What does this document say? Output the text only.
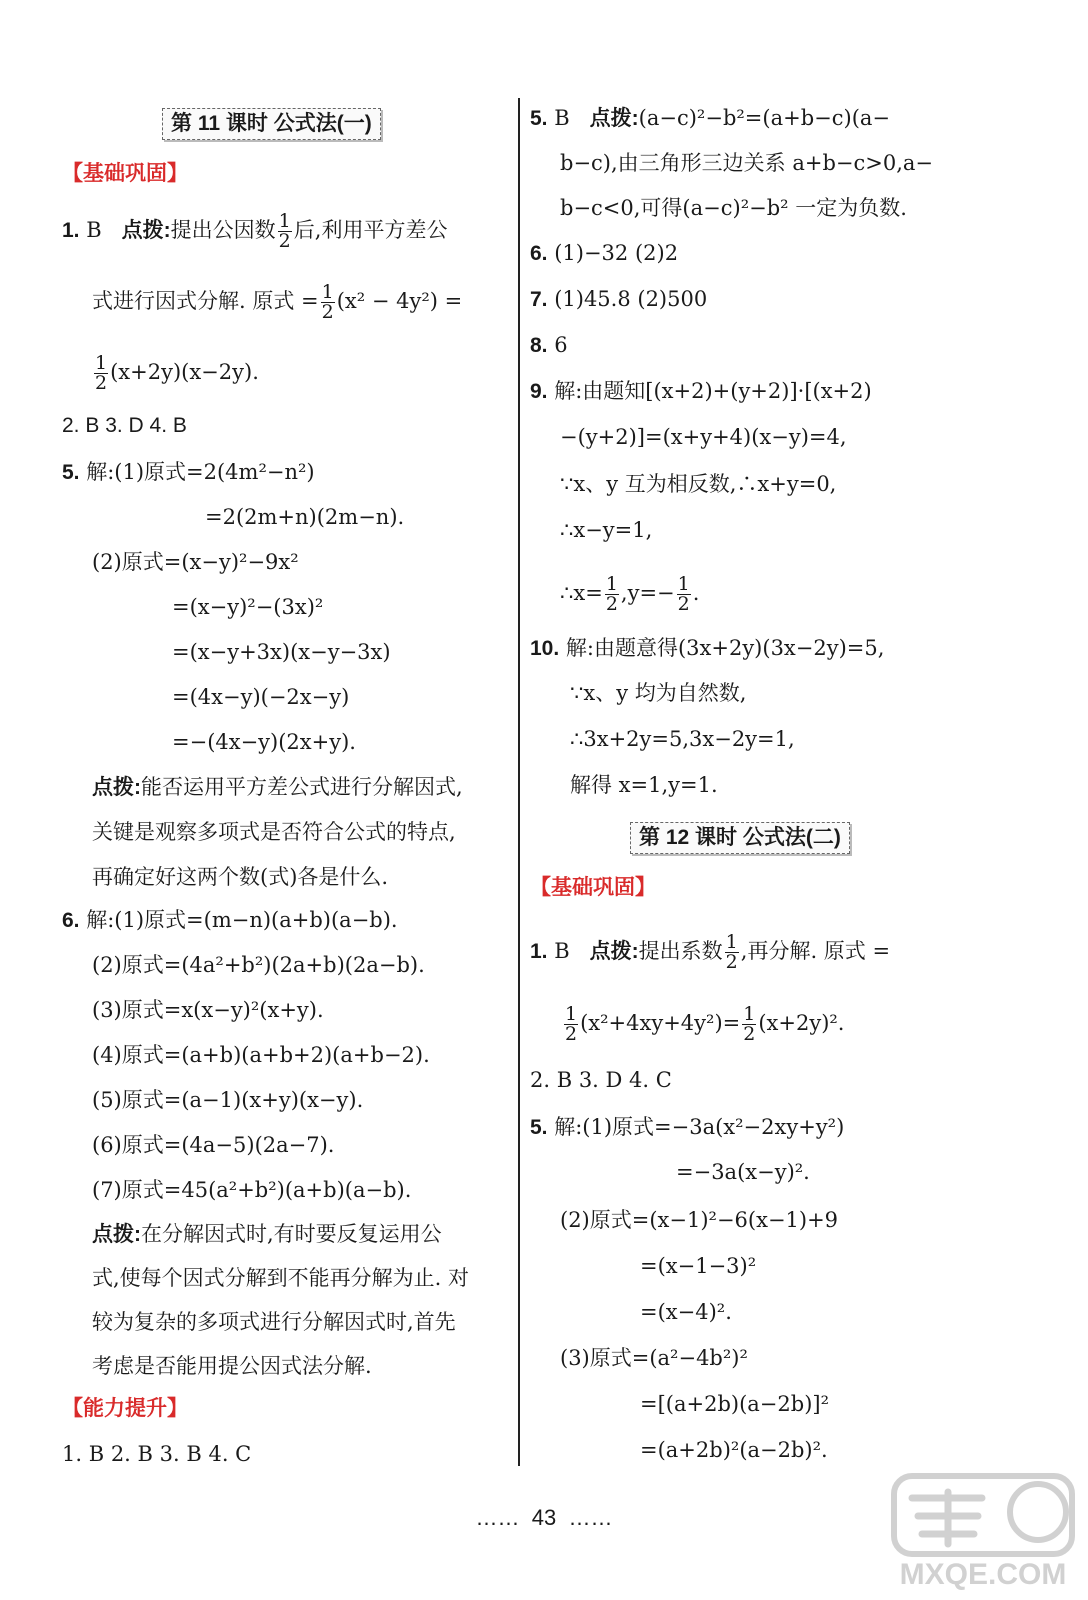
第 11 课时 公式法(一)
【基础巩固】
1. B 点拨:提出公因数 $\frac{1}{2}$ 后,利用平方差公
式进行因式分解. 原式 = $\frac{1}{2} (x^2 - 4y^2)$ =
$\frac{1}{2} (x+2y)(x-2y)$.
2. B 3. D 4. B
5. 解:(1)原式=2(4m²−n²)
=2(2m+n)(2m−n).
(2)原式=(x−y)²−9x²
=(x−y)²−(3x)²
=(x−y+3x)(x−y−3x)
=(4x−y)(−2x−y)
=−(4x−y)(2x+y).
点拨:能否运用平方差公式进行分解因式,
关键是观察多项式是否符合公式的特点,
再确定好这两个数(式)各是什么.
6. 解:(1)原式=(m−n)(a+b)(a−b).
(2)原式=(4a²+b²)(2a+b)(2a−b).
(3)原式=x(x−y)²(x+y).
(4)原式=(a+b)(a+b+2)(a+b−2).
(5)原式=(a−1)(x+y)(x−y).
(6)原式=(4a−5)(2a−7).
(7)原式=45(a²+b²)(a+b)(a−b).
点拨:在分解因式时,有时要反复运用公
式,使每个因式分解到不能再分解为止. 对
较为复杂的多项式进行分解因式时,首先
考虑是否能用提公因式法分解.
【能力提升】
1. B 2. B 3. B 4. C
5. B 点拨:(a−c)²−b²=(a+b−c)(a−
b−c),由三角形三边关系 a+b−c>0,a−
b−c<0,可得(a−c)²−b² 一定为负数.
6. (1)−32 (2)2
7. (1)45.8 (2)500
8. 6
9. 解:由题知[(x+2)+(y+2)]·[(x+2)
−(y+2)]=(x+y+4)(x−y)=4,
∵x、y 互为相反数,∴x+y=0,
∴x−y=1,
∴x= $\frac{1}{2} ,y=- \frac{1}{2}$ .
10. 解:由题意得(3x+2y)(3x−2y)=5,
∵x、y 均为自然数,
∴3x+2y=5,3x−2y=1,
解得 x=1,y=1.
第 12 课时 公式法(二)
【基础巩固】
1. B 点拨:提出系数 $\frac{1}{2}$ ,再分解. 原式 =
$\frac{1}{2} (x^2+4xy+4y^2)= \frac{1}{2} (x+2y)^2$.
2. B 3. D 4. C
5. 解:(1)原式=−3a(x²−2xy+y²)
=−3a(x−y)².
(2)原式=(x−1)²−6(x−1)+9
=(x−1−3)²
=(x−4)².
(3)原式=(a²−4b²)²
=[(a+2b)(a−2b)]²
=(a+2b)²(a−2b)².
…… 43 ……
MXQE.COM
